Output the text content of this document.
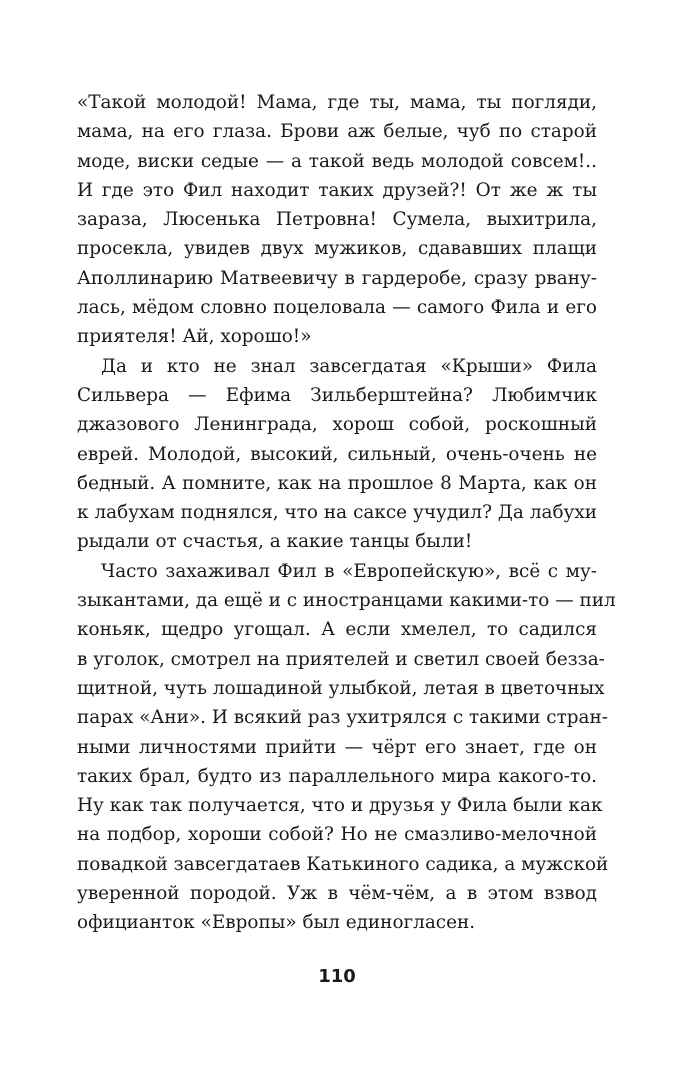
«Такой молодой! Мама, где ты, мама, ты погляди,
мама, на его глаза. Брови аж белые, чуб по старой
моде, виски седые — а такой ведь молодой совсем!..
И где это Фил находит таких друзей?! От же ж ты
зараза, Люсенька Петровна! Сумела, выхитрила,
просекла, увидев двух мужиков, сдававших плащи
Аполлинарию Матвеевичу в гардеробе, сразу рвану-
лась, мёдом словно поцеловала — самого Фила и его
приятеля! Ай, хорошо!»
Да и кто не знал завсегдатая «Крыши» Фила
Сильвера — Ефима Зильберштейна? Любимчик
джазового Ленинграда, хорош собой, роскошный
еврей. Молодой, высокий, сильный, очень-очень не
бедный. А помните, как на прошлое 8 Марта, как он
к лабухам поднялся, что на саксе учудил? Да лабухи
рыдали от счастья, а какие танцы были!
Часто захаживал Фил в «Европейскую», всё с му-
зыкантами, да ещё и с иностранцами какими-то — пил
коньяк, щедро угощал. А если хмелел, то садился
в уголок, смотрел на приятелей и светил своей безза-
щитной, чуть лошадиной улыбкой, летая в цветочных
парах «Ани». И всякий раз ухитрялся с такими стран-
ными личностями прийти — чёрт его знает, где он
таких брал, будто из параллельного мира какого-то.
Ну как так получается, что и друзья у Фила были как
на подбор, хороши собой? Но не смазливо-мелочной
повадкой завсегдатаев Катькиного садика, а мужской
уверенной породой. Уж в чём-чём, а в этом взвод
официанток «Европы» был единогласен.
110
